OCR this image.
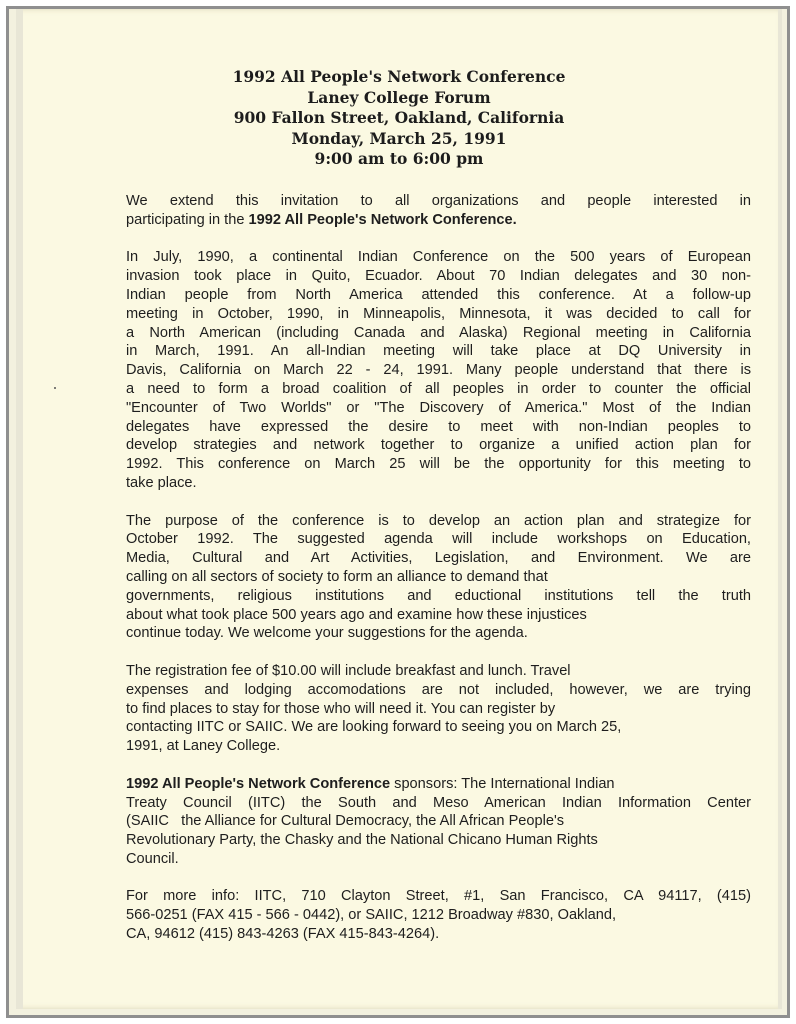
1992 All People's Network Conference
Laney College Forum
900 Fallon Street, Oakland, California
Monday, March 25, 1991
9:00 am to 6:00 pm

We extend this invitation to all organizations and people interested in
participating in the 1992 All People's Network Conference.

In July, 1990, a continental Indian Conference on the 500 years of European
invasion took place in Quito, Ecuador. About 70 Indian delegates and 30 non-
Indian people from North America attended this conference. At a follow-up
meeting in October, 1990, in Minneapolis, Minnesota, it was decided to call for
a North American (including Canada and Alaska) Regional meeting in California
in March, 1991. An all-Indian meeting will take place at DQ University in
Davis, California on March 22 - 24, 1991. Many people understand that there is
a need to form a broad coalition of all peoples in order to counter the official
"Encounter of Two Worlds" or "The Discovery of America." Most of the Indian
delegates have expressed the desire to meet with non-Indian peoples to
develop strategies and network together to organize a unified action plan for
1992. This conference on March 25 will be the opportunity for this meeting to
take place.

The purpose of the conference is to develop an action plan and strategize for
October 1992. The suggested agenda will include workshops on Education,
Media, Cultural and Art Activities, Legislation, and Environment. We are
calling on all sectors of society to form an alliance to demand that
governments, religious institutions and eductional institutions tell the truth
about what took place 500 years ago and examine how these injustices
continue today. We welcome your suggestions for the agenda.

The registration fee of $10.00 will include breakfast and lunch. Travel
expenses and lodging accomodations are not included, however, we are trying
to find places to stay for those who will need it. You can register by
contacting IITC or SAIIC. We are looking forward to seeing you on March 25,
1991, at Laney College.

1992 All People's Network Conference sponsors: The International Indian
Treaty Council (IITC) the South and Meso American Indian Information Center
(SAIIC   the Alliance for Cultural Democracy, the All African People's
Revolutionary Party, the Chasky and the National Chicano Human Rights
Council.

For more info: IITC, 710 Clayton Street, #1, San Francisco, CA 94117, (415)
566-0251 (FAX 415 - 566 - 0442), or SAIIC, 1212 Broadway #830, Oakland,
CA, 94612 (415) 843-4263 (FAX 415-843-4264).
